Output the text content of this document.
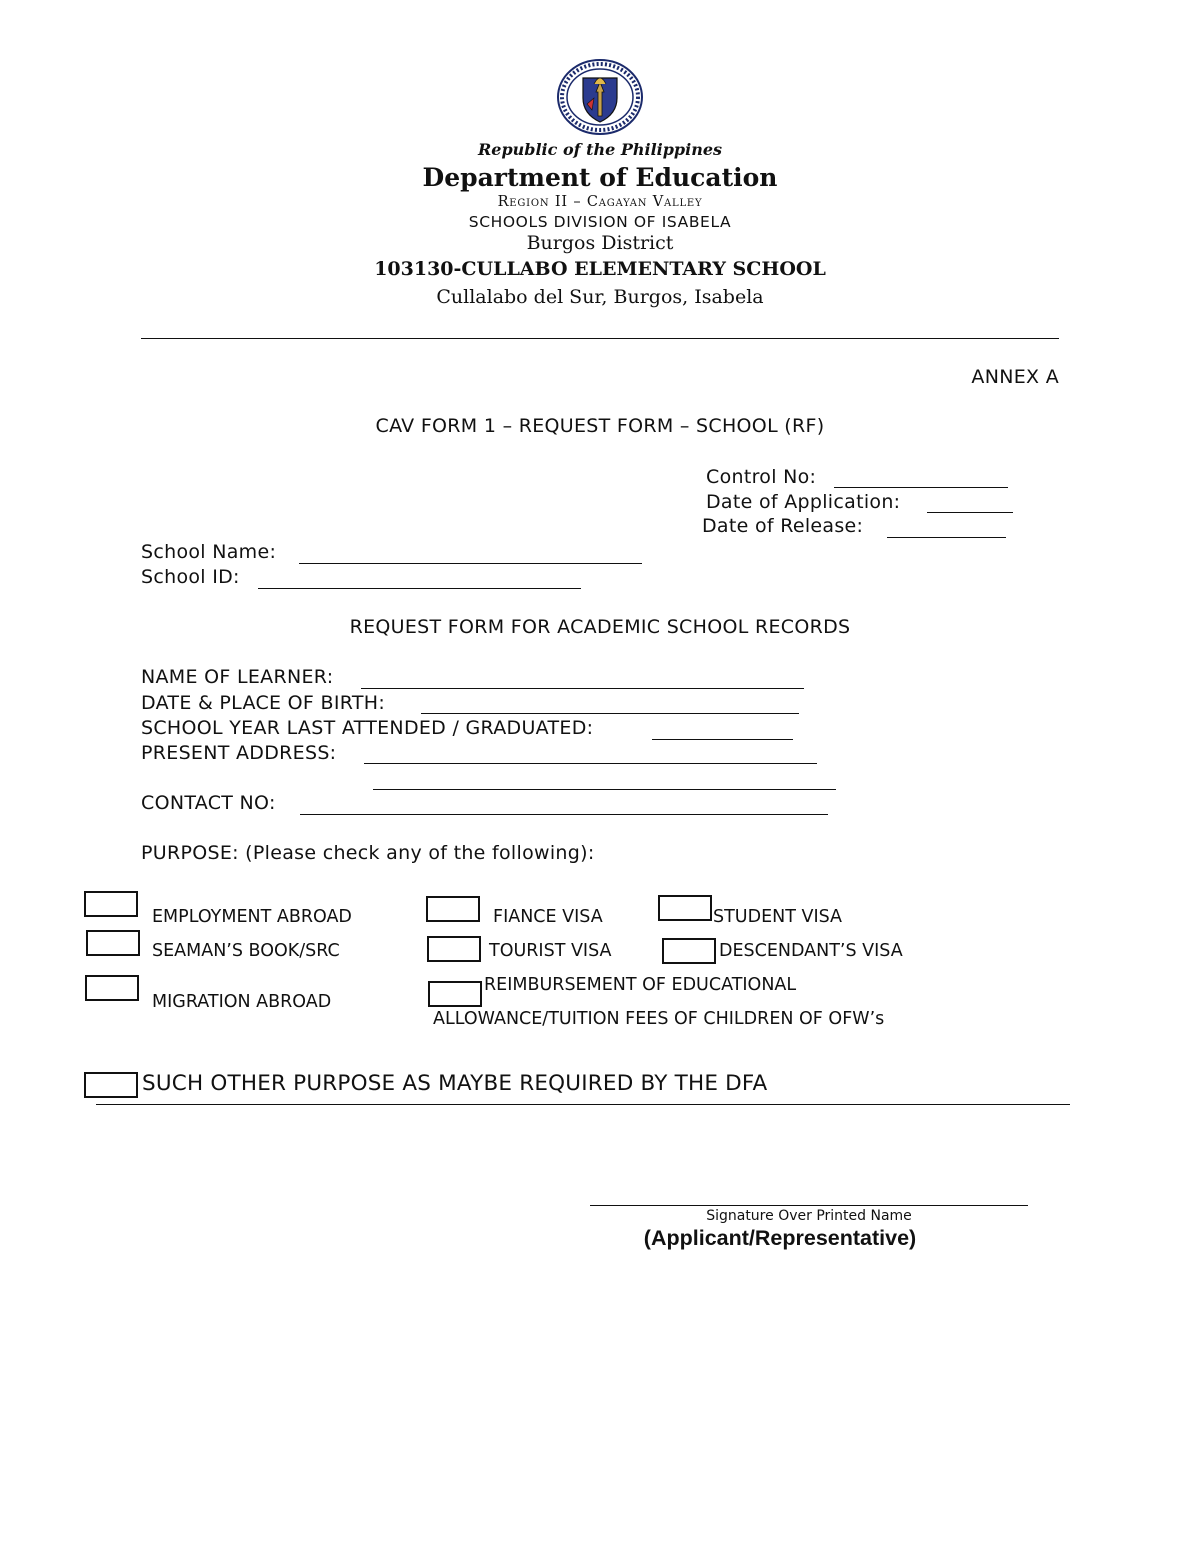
Republic of the Philippines
Department of Education
Region II – Cagayan Valley
SCHOOLS DIVISION OF ISABELA
Burgos District
103130-CULLABO ELEMENTARY SCHOOL
Cullalabo del Sur, Burgos, Isabela
ANNEX A
CAV FORM 1 – REQUEST FORM – SCHOOL (RF)
Control No:
Date of Application:
Date of Release:
School Name:
School ID:
REQUEST FORM FOR ACADEMIC SCHOOL RECORDS
NAME OF LEARNER:
DATE & PLACE OF BIRTH:
SCHOOL YEAR LAST ATTENDED / GRADUATED:
PRESENT ADDRESS:
CONTACT NO:
PURPOSE: (Please check any of the following):
EMPLOYMENT ABROAD	FIANCE VISA	STUDENT VISA
SEAMAN’S BOOK/SRC	TOURIST VISA	DESCENDANT’S VISA
MIGRATION ABROAD
REIMBURSEMENT OF EDUCATIONAL
ALLOWANCE/TUITION FEES OF CHILDREN OF OFW’s
SUCH OTHER PURPOSE AS MAYBE REQUIRED BY THE DFA
Signature Over Printed Name
(Applicant/Representative)
